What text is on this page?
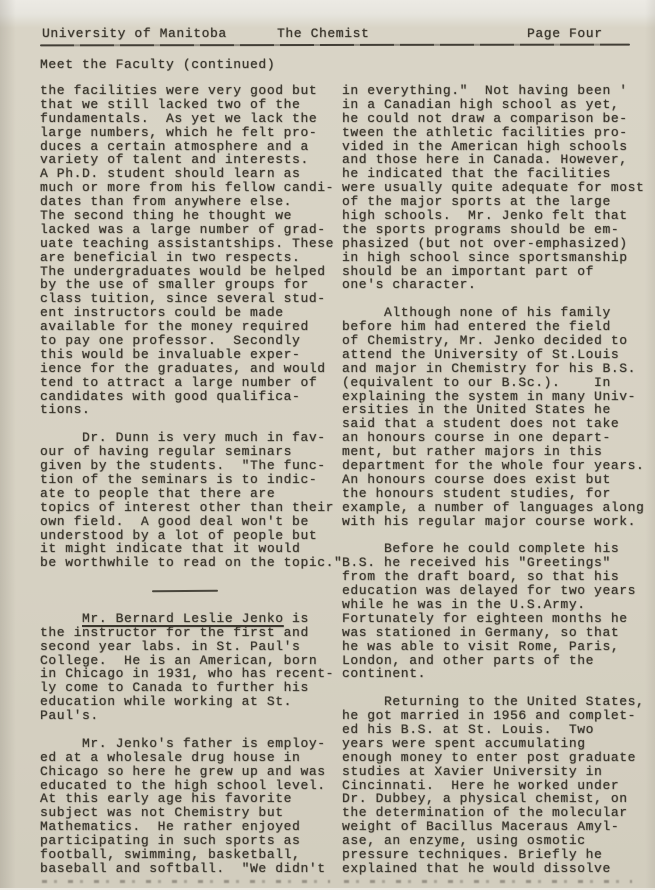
University of Manitoba	The Chemist	Page Four
Meet the Faculty (continued)
the facilities were very good but
that we still lacked two of the
fundamentals.  As yet we lack the
large numbers, which he felt pro-
duces a certain atmosphere and a
variety of talent and interests.
A Ph.D. student should learn as
much or more from his fellow candi-
dates than from anywhere else.
The second thing he thought we
lacked was a large number of grad-
uate teaching assistantships. These
are beneficial in two respects.
The undergraduates would be helped
by the use of smaller groups for
class tuition, since several stud-
ent instructors could be made
available for the money required
to pay one professor.  Secondly
this would be invaluable exper-
ience for the graduates, and would
tend to attract a large number of
candidates with good qualifica-
tions.
Dr. Dunn is very much in fav-
our of having regular seminars
given by the students.  "The func-
tion of the seminars is to indic-
ate to people that there are
topics of interest other than their
own field.  A good deal won't be
understood by a lot of people but
it might indicate that it would
be worthwhile to read on the topic."
Mr. Bernard Leslie Jenko is
the instructor for the first and
second year labs. in St. Paul's
College.  He is an American, born
in Chicago in 1931, who has recent-
ly come to Canada to further his
education while working at St.
Paul's.
Mr. Jenko's father is employ-
ed at a wholesale drug house in
Chicago so here he grew up and was
educated to the high school level.
At this early age his favorite
subject was not Chemistry but
Mathematics.  He rather enjoyed
participating in such sports as
football, swimming, basketball,
baseball and softball.  "We didn't
in everything."  Not having been '
in a Canadian high school as yet,
he could not draw a comparison be-
tween the athletic facilities pro-
vided in the American high schools
and those here in Canada. However,
he indicated that the facilities
were usually quite adequate for most
of the major sports at the large
high schools.  Mr. Jenko felt that
the sports programs should be em-
phasized (but not over-emphasized)
in high school since sportsmanship
should be an important part of
one's character.
Although none of his family
before him had entered the field
of Chemistry, Mr. Jenko decided to
attend the University of St.Louis
and major in Chemistry for his B.S.
(equivalent to our B.Sc.).    In
explaining the system in many Univ-
ersities in the United States he
said that a student does not take
an honours course in one depart-
ment, but rather majors in this
department for the whole four years.
An honours course does exist but
the honours student studies, for
example, a number of languages along
with his regular major course work.
Before he could complete his
B.S. he received his "Greetings"
from the draft board, so that his
education was delayed for two years
while he was in the U.S.Army.
Fortunately for eighteen months he
was stationed in Germany, so that
he was able to visit Rome, Paris,
London, and other parts of the
continent.
Returning to the United States,
he got married in 1956 and complet-
ed his B.S. at St. Louis.  Two
years were spent accumulating
enough money to enter post graduate
studies at Xavier University in
Cincinnati.  Here he worked under
Dr. Dubbey, a physical chemist, on
the determination of the molecular
weight of Bacillus Maceraus Amyl-
ase, an enzyme, using osmotic
pressure techniques. Briefly he
explained that he would dissolve
